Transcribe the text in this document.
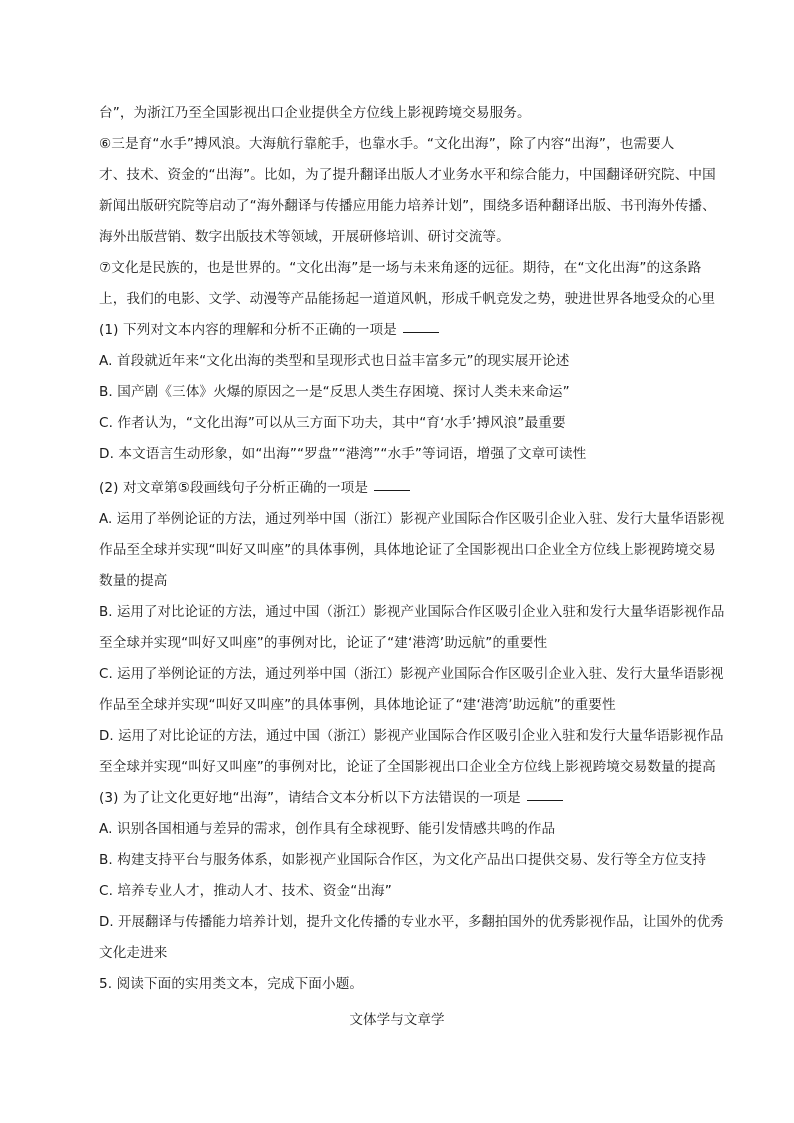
台”，为浙江乃至全国影视出口企业提供全方位线上影视跨境交易服务。
⑥三是育“水手”搏风浪。大海航行靠舵手，也靠水手。“文化出海”，除了内容“出海”，也需要人
才、技术、资金的“出海”。比如，为了提升翻译出版人才业务水平和综合能力，中国翻译研究院、中国
新闻出版研究院等启动了“海外翻译与传播应用能力培养计划”，围绕多语种翻译出版、书刊海外传播、
海外出版营销、数字出版技术等领域，开展研修培训、研讨交流等。
⑦文化是民族的，也是世界的。“文化出海”是一场与未来角逐的远征。期待，在“文化出海”的这条路
上，我们的电影、文学、动漫等产品能扬起一道道风帆，形成千帆竞发之势，驶进世界各地受众的心里
(1) 下列对文本内容的理解和分析不正确的一项是
A. 首段就近年来“文化出海的类型和呈现形式也日益丰富多元”的现实展开论述
B. 国产剧《三体》火爆的原因之一是“反思人类生存困境、探讨人类未来命运”
C. 作者认为，“文化出海”可以从三方面下功夫，其中“育‘水手’搏风浪”最重要
D. 本文语言生动形象，如“出海”“罗盘”“港湾”“水手”等词语，增强了文章可读性
(2) 对文章第⑤段画线句子分析正确的一项是
A. 运用了举例论证的方法，通过列举中国（浙江）影视产业国际合作区吸引企业入驻、发行大量华语影视
作品至全球并实现“叫好又叫座”的具体事例，具体地论证了全国影视出口企业全方位线上影视跨境交易
数量的提高
B. 运用了对比论证的方法，通过中国（浙江）影视产业国际合作区吸引企业入驻和发行大量华语影视作品
至全球并实现“叫好又叫座”的事例对比，论证了“建‘港湾’助远航”的重要性
C. 运用了举例论证的方法，通过列举中国（浙江）影视产业国际合作区吸引企业入驻、发行大量华语影视
作品至全球并实现“叫好又叫座”的具体事例，具体地论证了“建‘港湾’助远航”的重要性
D. 运用了对比论证的方法，通过中国（浙江）影视产业国际合作区吸引企业入驻和发行大量华语影视作品
至全球并实现“叫好又叫座”的事例对比，论证了全国影视出口企业全方位线上影视跨境交易数量的提高
(3) 为了让文化更好地“出海”，请结合文本分析以下方法错误的一项是
A. 识别各国相通与差异的需求，创作具有全球视野、能引发情感共鸣的作品
B. 构建支持平台与服务体系，如影视产业国际合作区，为文化产品出口提供交易、发行等全方位支持
C. 培养专业人才，推动人才、技术、资金“出海”
D. 开展翻译与传播能力培养计划，提升文化传播的专业水平，多翻拍国外的优秀影视作品，让国外的优秀
文化走进来
5. 阅读下面的实用类文本，完成下面小题。
文体学与文章学
